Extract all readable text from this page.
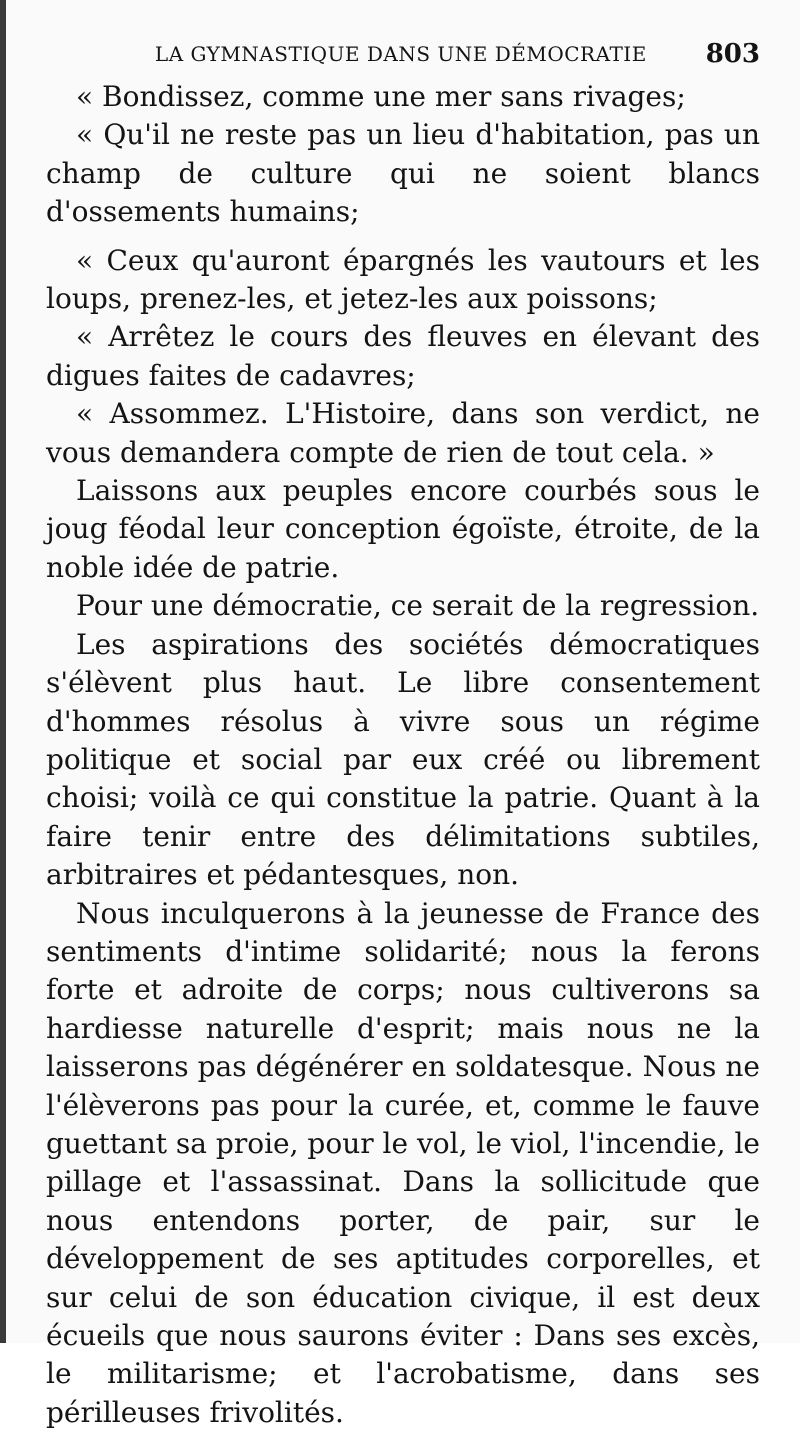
LA GYMNASTIQUE DANS UNE DÉMOCRATIE	803

« Bondissez, comme une mer sans rivages;

« Qu'il ne reste pas un lieu d'habitation, pas un champ de culture qui ne soient blancs d'ossements humains;

« Ceux qu'auront épargnés les vautours et les loups, prenez-les, et jetez-les aux poissons;

« Arrêtez le cours des fleuves en élevant des digues faites de cadavres;

« Assommez. L'Histoire, dans son verdict, ne vous demandera compte de rien de tout cela. »

Laissons aux peuples encore courbés sous le joug féodal leur conception égoïste, étroite, de la noble idée de patrie.

Pour une démocratie, ce serait de la regression.

Les aspirations des sociétés démocratiques s'élèvent plus haut. Le libre consentement d'hommes résolus à vivre sous un régime politique et social par eux créé ou librement choisi; voilà ce qui constitue la patrie. Quant à la faire tenir entre des délimitations subtiles, arbitraires et pédantesques, non.

Nous inculquerons à la jeunesse de France des sentiments d'intime solidarité; nous la ferons forte et adroite de corps; nous cultiverons sa hardiesse naturelle d'esprit; mais nous ne la laisserons pas dégénérer en soldatesque. Nous ne l'élèverons pas pour la curée, et, comme le fauve guettant sa proie, pour le vol, le viol, l'incendie, le pillage et l'assassinat. Dans la sollicitude que nous entendons porter, de pair, sur le développement de ses aptitudes corporelles, et sur celui de son éducation civique, il est deux écueils que nous saurons éviter : Dans ses excès, le militarisme; et l'acrobatisme, dans ses périlleuses frivolités.
